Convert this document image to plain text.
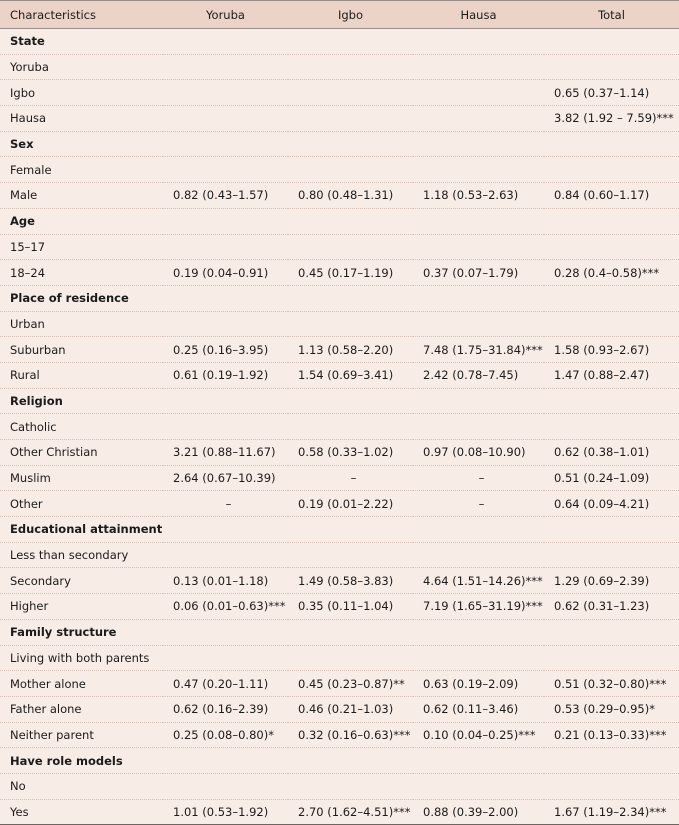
Characteristics	Yoruba	Igbo	Hausa	Total
State				
Yoruba				
Igbo				0.65 (0.37–1.14)
Hausa				3.82 (1.92 – 7.59)***
Sex				
Female				
Male	0.82 (0.43–1.57)	0.80 (0.48–1.31)	1.18 (0.53–2.63)	0.84 (0.60–1.17)
Age				
15–17				
18–24	0.19 (0.04–0.91)	0.45 (0.17–1.19)	0.37 (0.07–1.79)	0.28 (0.4–0.58)***
Place of residence				
Urban				
Suburban	0.25 (0.16–3.95)	1.13 (0.58–2.20)	7.48 (1.75–31.84)***	1.58 (0.93–2.67)
Rural	0.61 (0.19–1.92)	1.54 (0.69–3.41)	2.42 (0.78–7.45)	1.47 (0.88–2.47)
Religion				
Catholic				
Other Christian	3.21 (0.88–11.67)	0.58 (0.33–1.02)	0.97 (0.08–10.90)	0.62 (0.38–1.01)
Muslim	2.64 (0.67–10.39)	–	–	0.51 (0.24–1.09)
Other	–	0.19 (0.01–2.22)	–	0.64 (0.09–4.21)
Educational attainment				
Less than secondary				
Secondary	0.13 (0.01–1.18)	1.49 (0.58–3.83)	4.64 (1.51–14.26)***	1.29 (0.69–2.39)
Higher	0.06 (0.01–0.63)***	0.35 (0.11–1.04)	7.19 (1.65–31.19)***	0.62 (0.31–1.23)
Family structure				
Living with both parents				
Mother alone	0.47 (0.20–1.11)	0.45 (0.23–0.87)**	0.63 (0.19–2.09)	0.51 (0.32–0.80)***
Father alone	0.62 (0.16–2.39)	0.46 (0.21–1.03)	0.62 (0.11–3.46)	0.53 (0.29–0.95)*
Neither parent	0.25 (0.08–0.80)*	0.32 (0.16–0.63)***	0.10 (0.04–0.25)***	0.21 (0.13–0.33)***
Have role models				
No				
Yes	1.01 (0.53–1.92)	2.70 (1.62–4.51)***	0.88 (0.39–2.00)	1.67 (1.19–2.34)***
